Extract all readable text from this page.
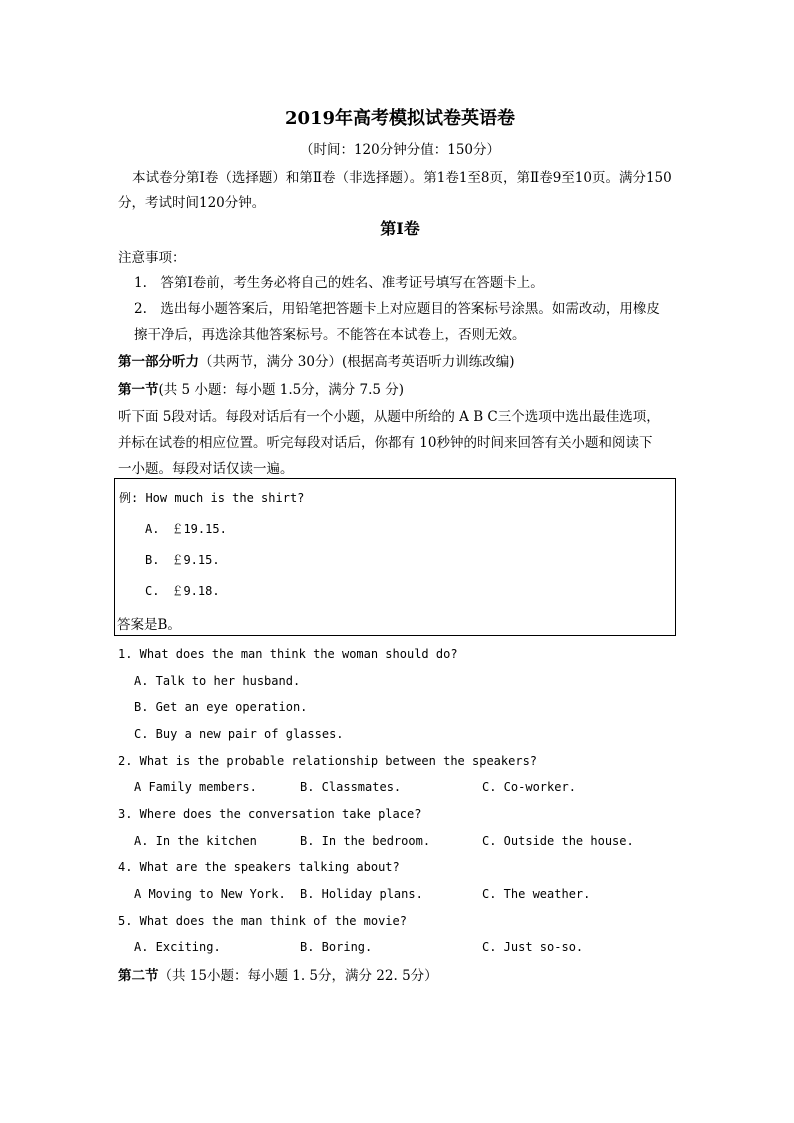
2019年高考模拟试卷英语卷
（时间：120分钟分值：150分）
本试卷分第Ⅰ卷（选择题）和第Ⅱ卷（非选择题）。第1卷1至8页，第Ⅱ卷9至10页。满分150分，考试时间120分钟。
第Ⅰ卷
注意事项：

1.　答第Ⅰ卷前，考生务必将自己的姓名、准考证号填写在答题卡上。

2.　选出每小题答案后，用铅笔把答题卡上对应题目的答案标号涂黑。如需改动，用橡皮

擦干净后，再选涂其他答案标号。不能答在本试卷上，否则无效。

第一部分听力（共两节，满分 30分）(根据高考英语听力训练改编)
第一节(共 5 小题：每小题 1.5分，满分 7.5 分)
听下面 5段对话。每段对话后有一个小题，从题中所给的 A B C三个选项中选出最佳选项，
并标在试卷的相应位置。听完每段对话后，你都有 10秒钟的时间来回答有关小题和阅读下
一小题。每段对话仅读一遍。
例: How much is the shirt?
A.　￡19.15.
B.　￡9.15.
C.　￡9.18.
答案是B。
1. What does the man think the woman should do?
A. Talk to her husband.
B. Get an eye operation.
C. Buy a new pair of glasses.
2. What is the probable relationship between the speakers?
A Family members.	B. Classmates.	C. Co-worker.
3. Where does the conversation take place?
A. In the kitchen	B. In the bedroom.	C. Outside the house.
4. What are the speakers talking about?
A Moving to New York. B. Holiday plans.	C. The weather.
5. What does the man think of the movie?
A. Exciting.	B. Boring.	C. Just so-so.
第二节（共 15小题：每小题 1. 5分，满分 22. 5分）
